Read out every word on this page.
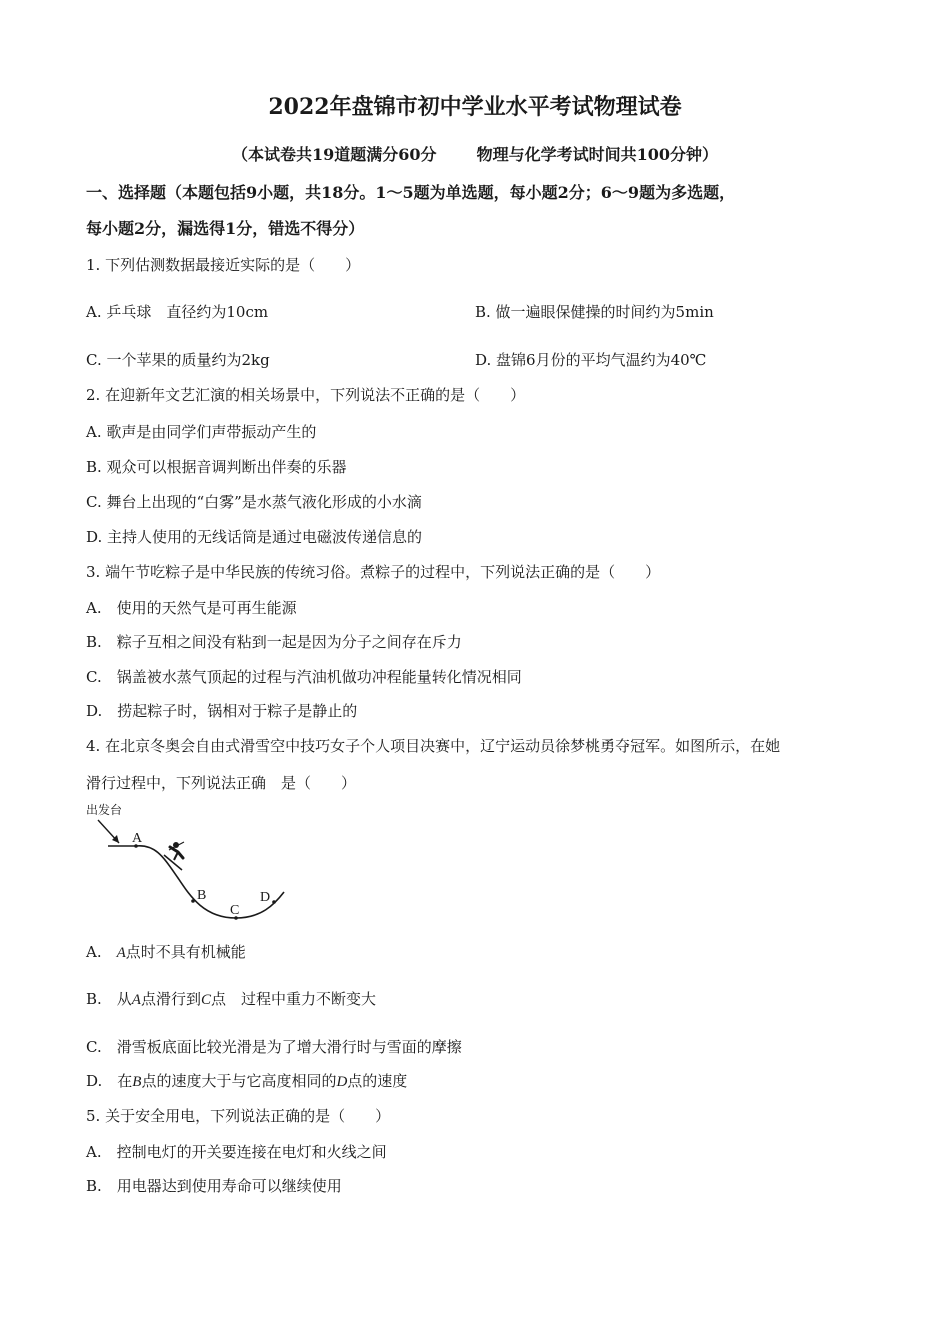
2022年盘锦市初中学业水平考试物理试卷
（本试卷共19道题满分60分	物理与化学考试时间共100分钟）
一、选择题（本题包括9小题，共18分。1～5题为单选题，每小题2分；6～9题为多选题，
每小题2分，漏选得1分，错选不得分）
1. 下列估测数据最接近实际的是（　　）
A. 乒乓球　直径约为10cm	B. 做一遍眼保健操的时间约为5min
C. 一个苹果的质量约为2kg	D. 盘锦6月份的平均气温约为40℃
2. 在迎新年文艺汇演的相关场景中，下列说法不正确的是（　　）
A. 歌声是由同学们声带振动产生的
B. 观众可以根据音调判断出伴奏的乐器
C. 舞台上出现的“白雾”是水蒸气液化形成的小水滴
D. 主持人使用的无线话筒是通过电磁波传递信息的
3. 端午节吃粽子是中华民族的传统习俗。煮粽子的过程中，下列说法正确的是（　　）
A.　使用的天然气是可再生能源
B.　粽子互相之间没有粘到一起是因为分子之间存在斥力
C.　锅盖被水蒸气顶起的过程与汽油机做功冲程能量转化情况相同
D.　捞起粽子时，锅相对于粽子是静止的
4. 在北京冬奥会自由式滑雪空中技巧女子个人项目决赛中，辽宁运动员徐梦桃勇夺冠军。如图所示，在她
滑行过程中，下列说法正确　是（　　）
出发台
A
B
C
D
A.　A点时不具有机械能
B.　从A点滑行到C点　过程中重力不断变大
C.　滑雪板底面比较光滑是为了增大滑行时与雪面的摩擦
D.　在B点的速度大于与它高度相同的D点的速度
5. 关于安全用电，下列说法正确的是（　　）
A.　控制电灯的开关要连接在电灯和火线之间
B.　用电器达到使用寿命可以继续使用
